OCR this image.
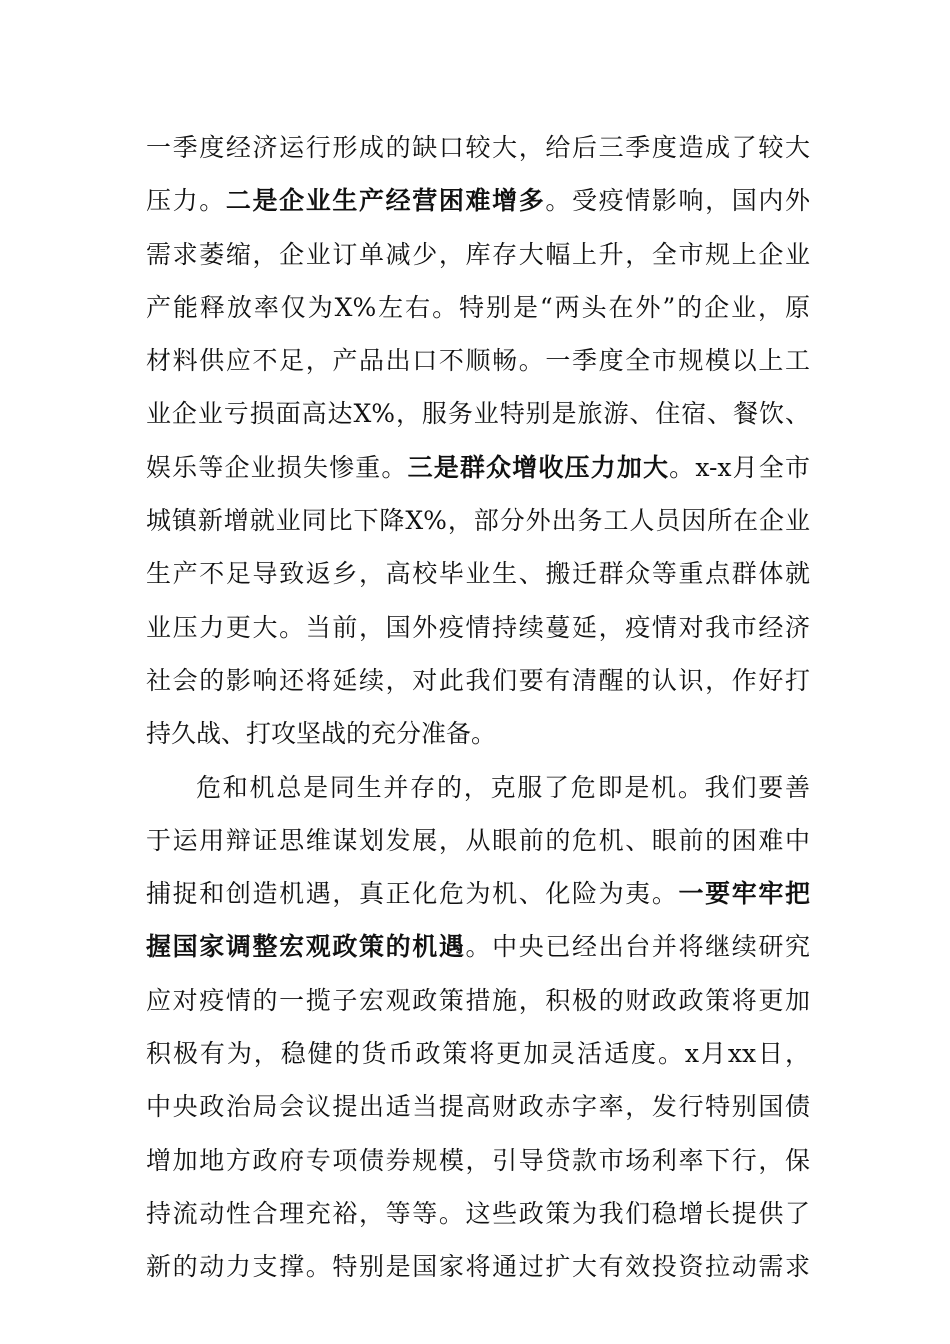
一季度经济运行形成的缺口较大，给后三季度造成了较大
压力。二是企业生产经营困难增多。受疫情影响，国内外
需求萎缩，企业订单减少，库存大幅上升，全市规上企业
产能释放率仅为X%左右。特别是“两头在外”的企业，原
材料供应不足，产品出口不顺畅。一季度全市规模以上工
业企业亏损面高达X%，服务业特别是旅游、住宿、餐饮、
娱乐等企业损失惨重。三是群众增收压力加大。x-x月全市
城镇新增就业同比下降X%，部分外出务工人员因所在企业
生产不足导致返乡，高校毕业生、搬迁群众等重点群体就
业压力更大。当前，国外疫情持续蔓延，疫情对我市经济
社会的影响还将延续，对此我们要有清醒的认识，作好打
持久战、打攻坚战的充分准备。
危和机总是同生并存的，克服了危即是机。我们要善
于运用辩证思维谋划发展，从眼前的危机、眼前的困难中
捕捉和创造机遇，真正化危为机、化险为夷。一要牢牢把
握国家调整宏观政策的机遇。中央已经出台并将继续研究
应对疫情的一揽子宏观政策措施，积极的财政政策将更加
积极有为，稳健的货币政策将更加灵活适度。x月xx日，
中央政治局会议提出适当提高财政赤字率，发行特别国债
增加地方政府专项债券规模，引导贷款市场利率下行，保
持流动性合理充裕，等等。这些政策为我们稳增长提供了
新的动力支撑。特别是国家将通过扩大有效投资拉动需求
